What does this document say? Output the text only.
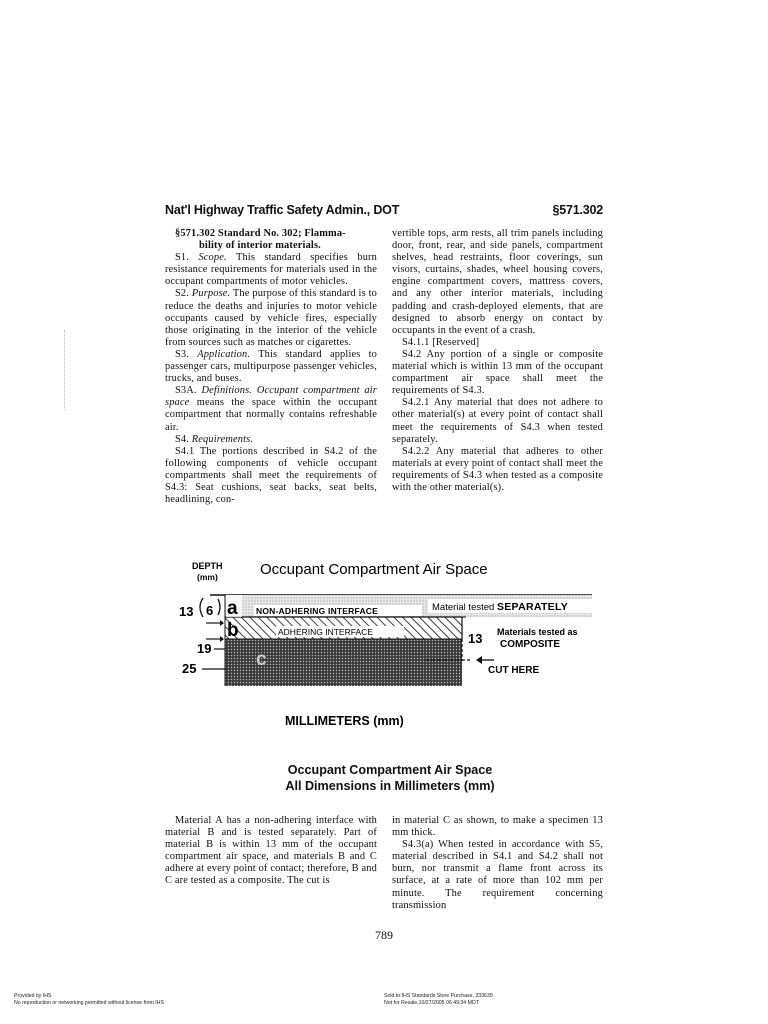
Nat'l Highway Traffic Safety Admin., DOT	§571.302

§571.302 Standard No. 302; Flamma-
bility of interior materials.

S1. Scope. This standard specifies burn resistance requirements for materials used in the occupant compartments of motor vehicles.

S2. Purpose. The purpose of this standard is to reduce the deaths and injuries to motor vehicle occupants caused by vehicle fires, especially those originating in the interior of the vehicle from sources such as matches or cigarettes.

S3. Application. This standard applies to passenger cars, multipurpose passenger vehicles, trucks, and buses.

S3A. Definitions. Occupant compartment air space means the space within the occupant compartment that normally contains refreshable air.

S4. Requirements.

S4.1 The portions described in S4.2 of the following components of vehicle occupant compartments shall meet the requirements of S4.3: Seat cushions, seat backs, seat belts, headlining, con-

vertible tops, arm rests, all trim panels including door, front, rear, and side panels, compartment shelves, head restraints, floor coverings, sun visors, curtains, shades, wheel housing covers, engine compartment covers, mattress covers, and any other interior materials, including padding and crash-deployed elements, that are designed to absorb energy on contact by occupants in the event of a crash.

S4.1.1 [Reserved]

S4.2 Any portion of a single or composite material which is within 13 mm of the occupant compartment air space shall meet the requirements of S4.3.

S4.2.1 Any material that does not adhere to other material(s) at every point of contact shall meet the requirements of S4.3 when tested separately.

S4.2.2 Any material that adheres to other materials at every point of contact shall meet the requirements of S4.3 when tested as a composite with the other material(s).

DEPTH
(mm)	Occupant Compartment Air Space
NON-ADHERING INTERFACE
ADHERING INTERFACE
a
b
c
13 6
19
25
Material tested SEPARATELY
13 Materials tested as
COMPOSITE
CUT HERE
MILLIMETERS (mm)
Occupant Compartment Air Space
All Dimensions in Millimeters (mm)

Material A has a non-adhering interface with material B and is tested separately. Part of material B is within 13 mm of the occupant compartment air space, and materials B and C adhere at every point of contact; therefore, B and C are tested as a composite. The cut is

in material C as shown, to make a specimen 13 mm thick.

S4.3(a) When tested in accordance with S5, material described in S4.1 and S4.2 shall not burn, nor transmit a flame front across its surface, at a rate of more than 102 mm per minute. The requirement concerning transmission

789
Provided by IHS
No reproduction or networking permitted without license from IHS
Sold to:IHS Standards Store Purchase, 333639
Not for Resale,10/27/2005 06:49:34 MDT
